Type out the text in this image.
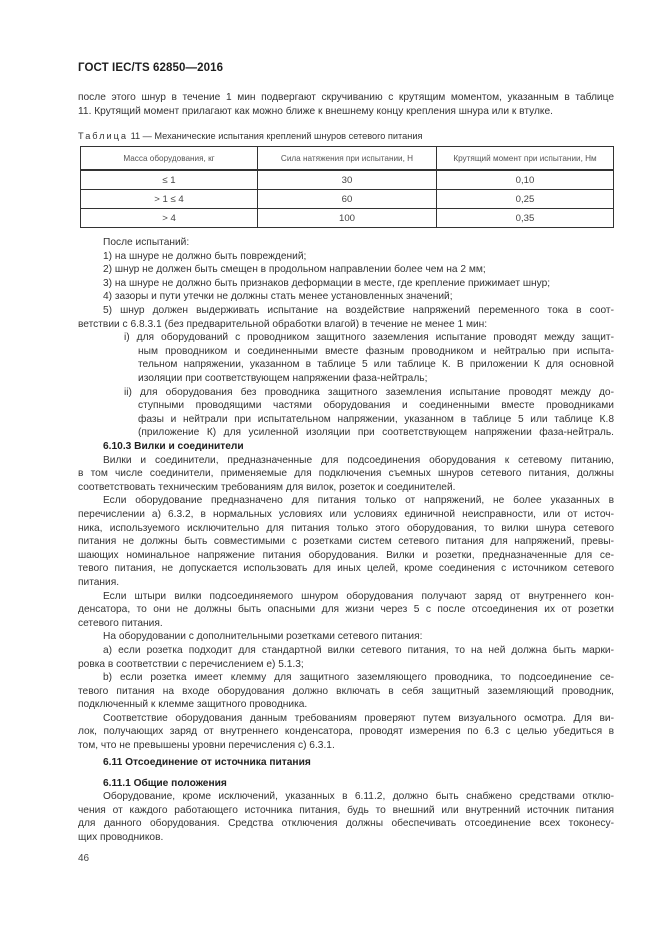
ГОСТ IEC/TS 62850—2016
после этого шнур в течение 1 мин подвергают скручиванию с крутящим моментом, указанным в таблице
11. Крутящий момент прилагают как можно ближе к внешнему концу крепления шнура или к втулке.
Таблица 11 — Механические испытания креплений шнуров сетевого питания
Масса оборудования, кг	Сила натяжения при испытании, Н	Крутящий момент при испытании, Нм
≤ 1	30	0,10
> 1 ≤ 4	60	0,25
> 4	100	0,35
После испытаний:
1) на шнуре не должно быть повреждений;
2) шнур не должен быть смещен в продольном направлении более чем на 2 мм;
3) на шнуре не должно быть признаков деформации в месте, где крепление прижимает шнур;
4) зазоры и пути утечки не должны стать менее установленных значений;
5) шнур должен выдерживать испытание на воздействие напряжений переменного тока в соот-
ветствии с 6.8.3.1 (без предварительной обработки влагой) в течение не менее 1 мин:
i) для оборудований с проводником защитного заземления испытание проводят между защит-
ным проводником и соединенными вместе фазным проводником и нейтралью при испыта-
тельном напряжении, указанном в таблице 5 или таблице К. В приложении К для основной
изоляции при соответствующем напряжении фаза-нейтраль;
ii) для оборудования без проводника защитного заземления испытание проводят между до-
ступными проводящими частями оборудования и соединенными вместе проводниками
фазы и нейтрали при испытательном напряжении, указанном в таблице 5 или таблице К.8
(приложение К) для усиленной изоляции при соответствующем напряжении фаза-нейтраль.
6.10.3 Вилки и соединители
Вилки и соединители, предназначенные для подсоединения оборудования к сетевому питанию,
в том числе соединители, применяемые для подключения съемных шнуров сетевого питания, должны
соответствовать техническим требованиям для вилок, розеток и соединителей.
Если оборудование предназначено для питания только от напряжений, не более указанных в
перечислении а) 6.3.2, в нормальных условиях или условиях единичной неисправности, или от источ-
ника, используемого исключительно для питания только этого оборудования, то вилки шнура сетевого
питания не должны быть совместимыми с розетками систем сетевого питания для напряжений, превы-
шающих номинальное напряжение питания оборудования. Вилки и розетки, предназначенные для се-
тевого питания, не допускается использовать для иных целей, кроме соединения с источником сетевого
питания.
Если штыри вилки подсоединяемого шнуром оборудования получают заряд от внутреннего кон-
денсатора, то они не должны быть опасными для жизни через 5 с после отсоединения их от розетки
сетевого питания.
На оборудовании с дополнительными розетками сетевого питания:
а) если розетка подходит для стандартной вилки сетевого питания, то на ней должна быть марки-
ровка в соответствии с перечислением е) 5.1.3;
b) если розетка имеет клемму для защитного заземляющего проводника, то подсоединение се-
тевого питания на входе оборудования должно включать в себя защитный заземляющий проводник,
подключенный к клемме защитного проводника.
Соответствие оборудования данным требованиям проверяют путем визуального осмотра. Для ви-
лок, получающих заряд от внутреннего конденсатора, проводят измерения по 6.3 с целью убедиться в
том, что не превышены уровни перечисления с) 6.3.1.
6.11 Отсоединение от источника питания
6.11.1 Общие положения
Оборудование, кроме исключений, указанных в 6.11.2, должно быть снабжено средствами отклю-
чения от каждого работающего источника питания, будь то внешний или внутренний источник питания
для данного оборудования. Средства отключения должны обеспечивать отсоединение всех токонесу-
щих проводников.
46
